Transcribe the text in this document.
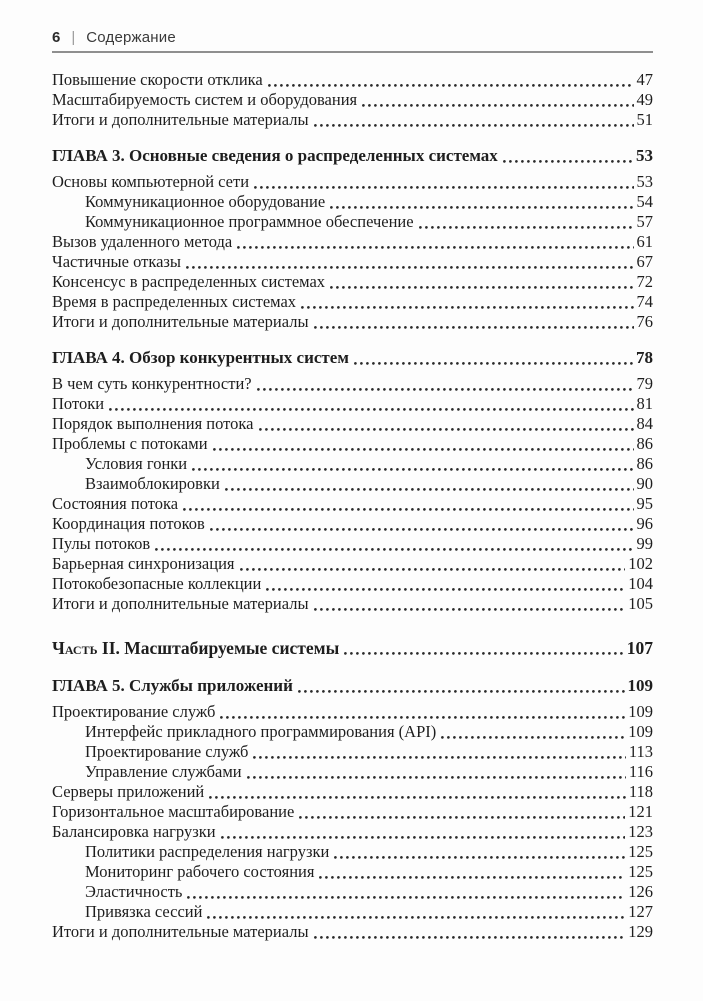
6 | Содержание
Повышение скорости отклика	47
Масштабируемость систем и оборудования	49
Итоги и дополнительные материалы	51
ГЛАВА 3. Основные сведения о распределенных системах	53
Основы компьютерной сети	53
Коммуникационное оборудование	54
Коммуникационное программное обеспечение	57
Вызов удаленного метода	61
Частичные отказы	67
Консенсус в распределенных системах	72
Время в распределенных системах	74
Итоги и дополнительные материалы	76
ГЛАВА 4. Обзор конкурентных систем	78
В чем суть конкурентности?	79
Потоки	81
Порядок выполнения потока	84
Проблемы с потоками	86
Условия гонки	86
Взаимоблокировки	90
Состояния потока	95
Координация потоков	96
Пулы потоков	99
Барьерная синхронизация	102
Потокобезопасные коллекции	104
Итоги и дополнительные материалы	105
Часть II. Масштабируемые системы	107
ГЛАВА 5. Службы приложений	109
Проектирование служб	109
Интерфейс прикладного программирования (API)	109
Проектирование служб	113
Управление службами	116
Серверы приложений	118
Горизонтальное масштабирование	121
Балансировка нагрузки	123
Политики распределения нагрузки	125
Мониторинг рабочего состояния	125
Эластичность	126
Привязка сессий	127
Итоги и дополнительные материалы	129
